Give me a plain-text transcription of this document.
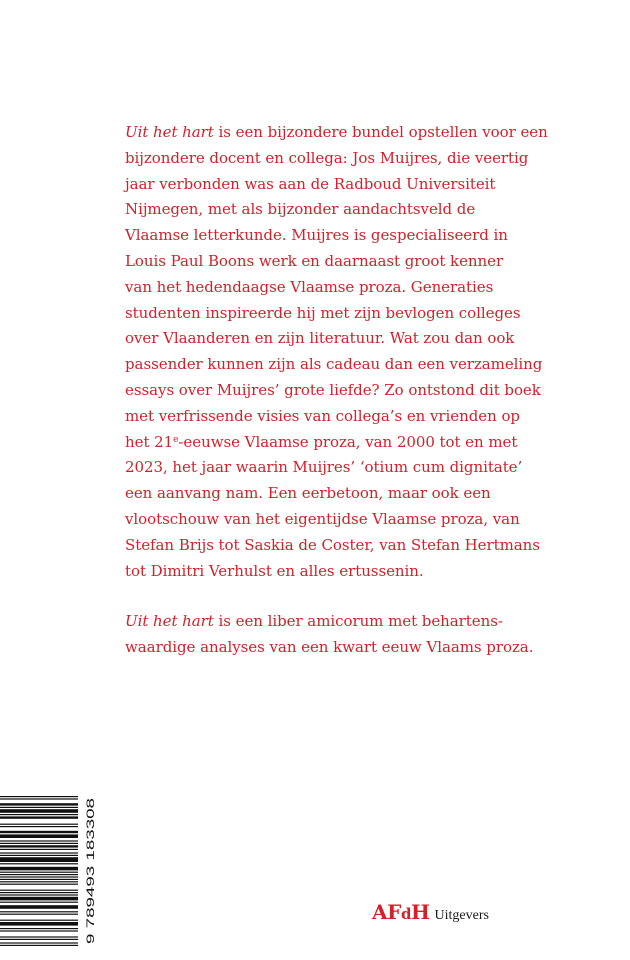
Uit het hart is een bijzondere bundel opstellen voor een
bijzondere docent en collega: Jos Muijres, die veertig
jaar verbonden was aan de Radboud Universiteit
Nijmegen, met als bijzonder aandachtsveld de
Vlaamse letterkunde. Muijres is gespecialiseerd in
Louis Paul Boons werk en daarnaast groot kenner
van het hedendaagse Vlaamse proza. Generaties
studenten inspireerde hij met zijn bevlogen colleges
over Vlaanderen en zijn literatuur. Wat zou dan ook
passender kunnen zijn als cadeau dan een verzameling
essays over Muijres’ grote liefde? Zo ontstond dit boek
met verfrissende visies van collega’s en vrienden op
het 21e-eeuwse Vlaamse proza, van 2000 tot en met
2023, het jaar waarin Muijres’ ‘otium cum dignitate’
een aanvang nam. Een eerbetoon, maar ook een
vlootschouw van het eigentijdse Vlaamse proza, van
Stefan Brijs tot Saskia de Coster, van Stefan Hertmans
tot Dimitri Verhulst en alles ertussenin.

Uit het hart is een liber amicorum met behartens-
waardige analyses van een kwart eeuw Vlaams proza.

9 789493 183308	AFdH Uitgevers
